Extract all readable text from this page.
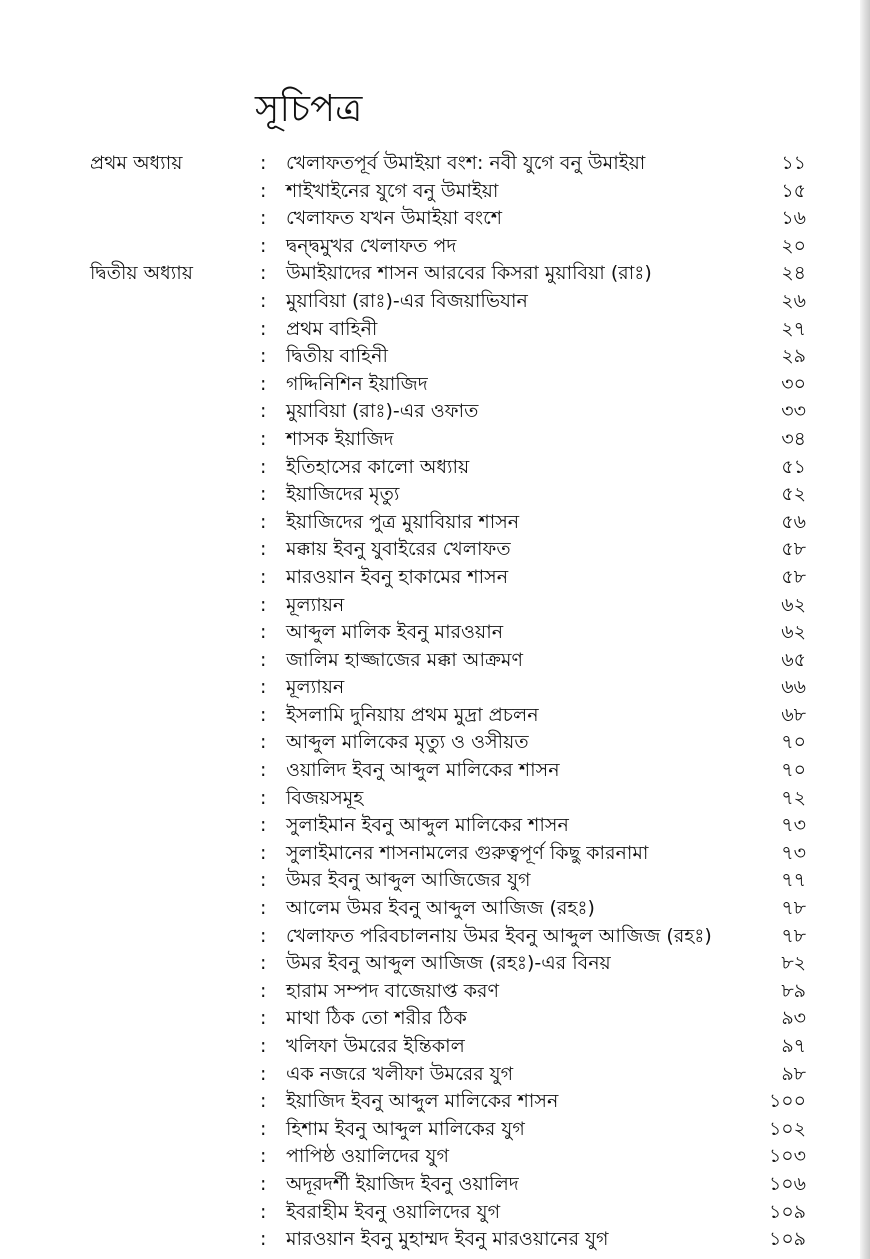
সূচিপত্র
প্রথম অধ্যায়	: খেলাফতপূর্ব উমাইয়া বংশ: নবী যুগে বনু উমাইয়া	১১
: শাইখাইনের যুগে বনু উমাইয়া	১৫
: খেলাফত যখন উমাইয়া বংশে	১৬
: দ্বন্দ্বমুখর খেলাফত পদ	২০
দ্বিতীয় অধ্যায়	: উমাইয়াদের শাসন আরবের কিসরা মুয়াবিয়া (রাঃ)	২৪
: মুয়াবিয়া (রাঃ)-এর বিজয়াভিযান	২৬
: প্রথম বাহিনী	২৭
: দ্বিতীয় বাহিনী	২৯
: গদ্দিনিশিন ইয়াজিদ	৩০
: মুয়াবিয়া (রাঃ)-এর ওফাত	৩৩
: শাসক ইয়াজিদ	৩৪
: ইতিহাসের কালো অধ্যায়	৫১
: ইয়াজিদের মৃত্যু	৫২
: ইয়াজিদের পুত্র মুয়াবিয়ার শাসন	৫৬
: মক্কায় ইবনু যুবাইরের খেলাফত	৫৮
: মারওয়ান ইবনু হাকামের শাসন	৫৮
: মূল্যায়ন	৬২
: আব্দুল মালিক ইবনু মারওয়ান	৬২
: জালিম হাজ্জাজের মক্কা আক্রমণ	৬৫
: মূল্যায়ন	৬৬
: ইসলামি দুনিয়ায় প্রথম মুদ্রা প্রচলন	৬৮
: আব্দুল মালিকের মৃত্যু ও ওসীয়ত	৭০
: ওয়ালিদ ইবনু আব্দুল মালিকের শাসন	৭০
: বিজয়সমূহ	৭২
: সুলাইমান ইবনু আব্দুল মালিকের শাসন	৭৩
: সুলাইমানের শাসনামলের গুরুত্বপূর্ণ কিছু কারনামা	৭৩
: উমর ইবনু আব্দুল আজিজের যুগ	৭৭
: আলেম উমর ইবনু আব্দুল আজিজ (রহঃ)	৭৮
: খেলাফত পরিবচালনায় উমর ইবনু আব্দুল আজিজ (রহঃ)	৭৮
: উমর ইবনু আব্দুল আজিজ (রহঃ)-এর বিনয়	৮২
: হারাম সম্পদ বাজেয়াপ্ত করণ	৮৯
: মাথা ঠিক তো শরীর ঠিক	৯৩
: খলিফা উমরের ইন্তিকাল	৯৭
: এক নজরে খলীফা উমরের যুগ	৯৮
: ইয়াজিদ ইবনু আব্দুল মালিকের শাসন	১০০
: হিশাম ইবনু আব্দুল মালিকের যুগ	১০২
: পাপিষ্ঠ ওয়ালিদের যুগ	১০৩
: অদূরদর্শী ইয়াজিদ ইবনু ওয়ালিদ	১০৬
: ইবরাহীম ইবনু ওয়ালিদের যুগ	১০৯
: মারওয়ান ইবনু মুহাম্মদ ইবনু মারওয়ানের যুগ	১০৯
